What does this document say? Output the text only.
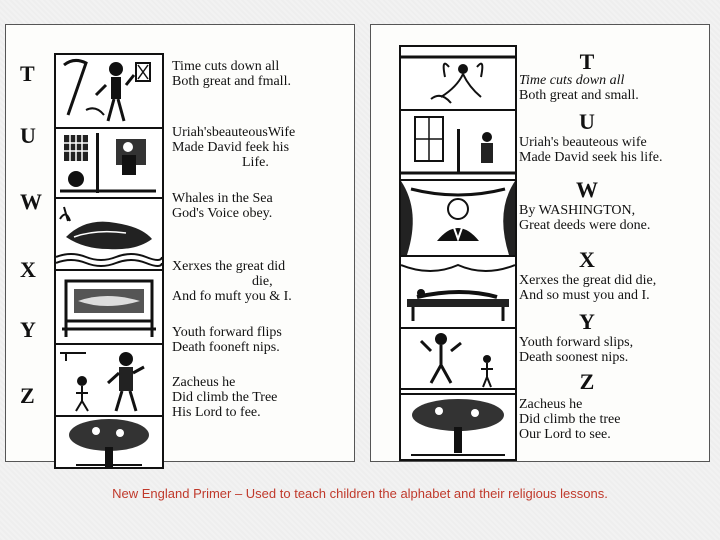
T	Time cuts down all
Both great and fmall.
U	Uriah'sbeauteousWife
Made David feek his
Life.
W	Whales in the Sea
God's Voice obey.
X	Xerxes the great did
die,
And fo muft you & I.
Y	Youth forward flips
Death fooneft nips.
Z
Zacheus he
Did climb the Tree
His Lord to fee.
T
Time cuts down all
Both great and small.
U
Uriah's beauteous wife
Made David seek his life.
W
By WASHINGTON,
Great deeds were done.
X
Xerxes the great did die,
And so must you and I.
Y
Youth forward slips,
Death soonest nips.
Z
Zacheus he
Did climb the tree
Our Lord to see.
New England Primer – Used to teach children the alphabet and their religious lessons.
